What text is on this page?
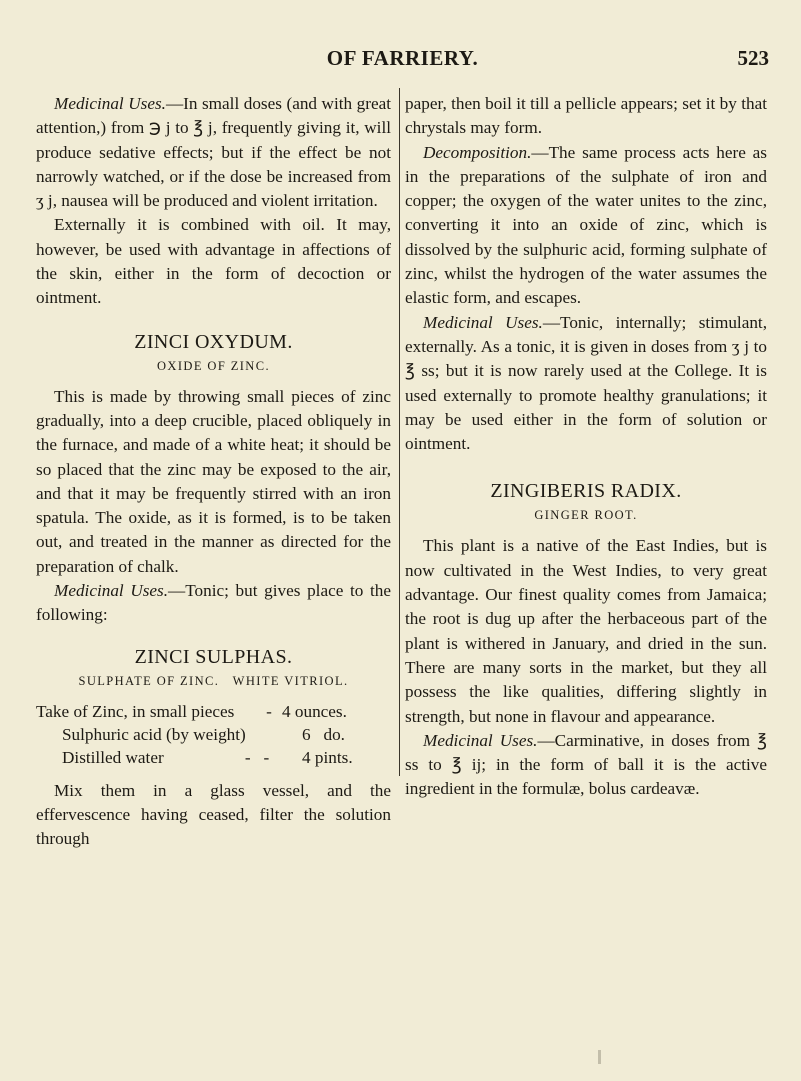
OF FARRIERY.	523

Medicinal Uses.—In small doses (and with great attention,) from ℈ j to ℥ j, frequently giving it, will produce sedative effects; but if the effect be not narrowly watched, or if the dose be increased from ʒ j, nausea will be produced and violent irritation.

Externally it is combined with oil. It may, however, be used with advantage in affections of the skin, either in the form of decoction or ointment.

ZINCI OXYDUM.
OXIDE OF ZINC.

This is made by throwing small pieces of zinc gradually, into a deep crucible, placed obliquely in the furnace, and made of a white heat; it should be so placed that the zinc may be exposed to the air, and that it may be frequently stirred with an iron spatula. The oxide, as it is formed, is to be taken out, and treated in the manner as directed for the preparation of chalk.

Medicinal Uses.—Tonic; but gives place to the following:

ZINCI SULPHAS.
SULPHATE OF ZINC.   WHITE VITRIOL.
Take of Zinc, in small pieces	- 4 ounces.
Sulphuric acid (by weight)	6   do.
Distilled water	-   -	4 pints.

Mix them in a glass vessel, and the effervescence having ceased, filter the solution through

paper, then boil it till a pellicle appears; set it by that chrystals may form.

Decomposition.—The same process acts here as in the preparations of the sulphate of iron and copper; the oxygen of the water unites to the zinc, converting it into an oxide of zinc, which is dissolved by the sulphuric acid, forming sulphate of zinc, whilst the hydrogen of the water assumes the elastic form, and escapes.

Medicinal Uses.—Tonic, internally; stimulant, externally. As a tonic, it is given in doses from ʒ j to ℥ ss; but it is now rarely used at the College. It is used externally to promote healthy granulations; it may be used either in the form of solution or ointment.

ZINGIBERIS RADIX.
GINGER ROOT.

This plant is a native of the East Indies, but is now cultivated in the West Indies, to very great advantage. Our finest quality comes from Jamaica; the root is dug up after the herbaceous part of the plant is withered in January, and dried in the sun. There are many sorts in the market, but they all possess the like qualities, differing slightly in strength, but none in flavour and appearance.

Medicinal Uses.—Carminative, in doses from ℥ ss to ℥ ij; in the form of ball it is the active ingredient in the formulæ, bolus cardeavæ.
